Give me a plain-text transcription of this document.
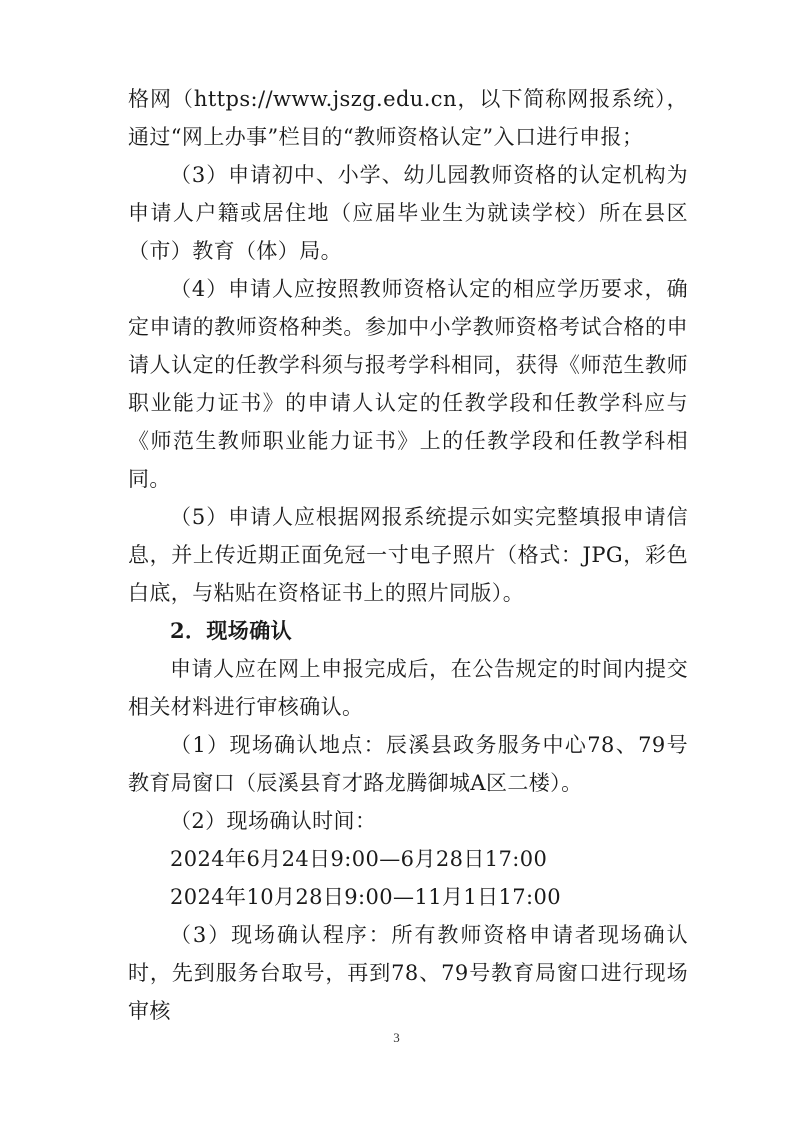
格网（https://www.jszg.edu.cn，以下简称网报系统），通过“网上办事”栏目的“教师资格认定”入口进行申报；

（3）申请初中、小学、幼儿园教师资格的认定机构为申请人户籍或居住地（应届毕业生为就读学校）所在县区（市）教育（体）局。

（4）申请人应按照教师资格认定的相应学历要求，确定申请的教师资格种类。参加中小学教师资格考试合格的申请人认定的任教学科须与报考学科相同，获得《师范生教师职业能力证书》的申请人认定的任教学段和任教学科应与《师范生教师职业能力证书》上的任教学段和任教学科相同。

（5）申请人应根据网报系统提示如实完整填报申请信息，并上传近期正面免冠一寸电子照片（格式：JPG，彩色白底，与粘贴在资格证书上的照片同版）。

2．现场确认

申请人应在网上申报完成后，在公告规定的时间内提交相关材料进行审核确认。

（1）现场确认地点：辰溪县政务服务中心78、79号教育局窗口（辰溪县育才路龙腾御城A区二楼）。

（2）现场确认时间：

2024年6月24日9:00—6月28日17:00

2024年10月28日9:00—11月1日17:00

（3）现场确认程序：所有教师资格申请者现场确认时，先到服务台取号，再到78、79号教育局窗口进行现场审核

3
